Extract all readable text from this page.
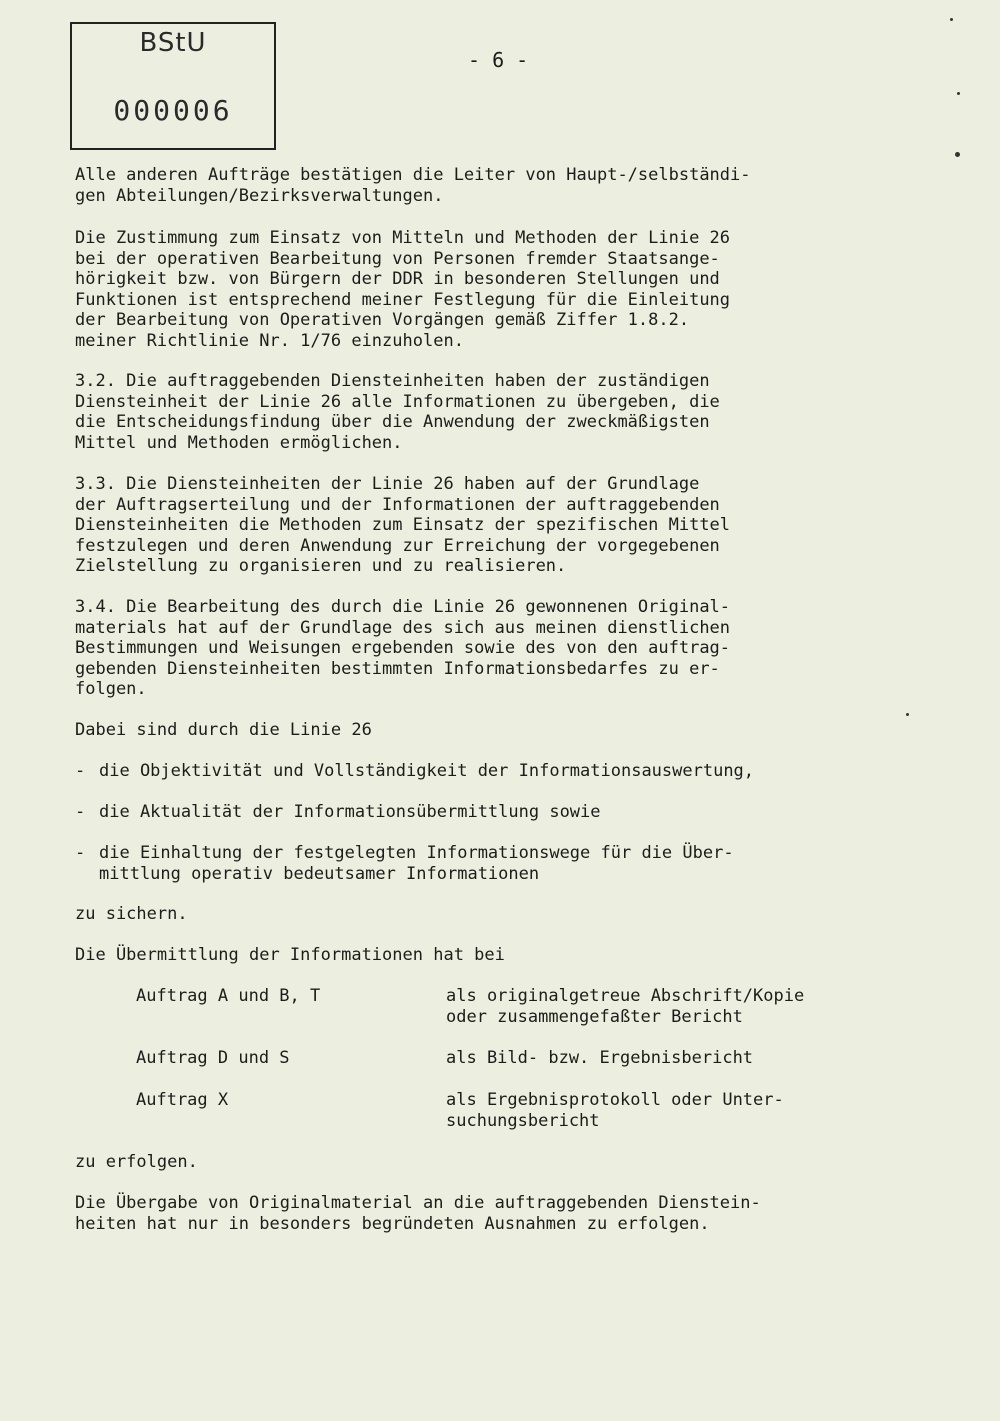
BStU
000006
- 6 -
Alle anderen Aufträge bestätigen die Leiter von Haupt-/selbständi-
gen Abteilungen/Bezirksverwaltungen.
Die Zustimmung zum Einsatz von Mitteln und Methoden der Linie 26
bei der operativen Bearbeitung von Personen fremder Staatsange-
hörigkeit bzw. von Bürgern der DDR in besonderen Stellungen und
Funktionen ist entsprechend meiner Festlegung für die Einleitung
der Bearbeitung von Operativen Vorgängen gemäß Ziffer 1.8.2.
meiner Richtlinie Nr. 1/76 einzuholen.
3.2. Die auftraggebenden Diensteinheiten haben der zuständigen
Diensteinheit der Linie 26 alle Informationen zu übergeben, die
die Entscheidungsfindung über die Anwendung der zweckmäßigsten
Mittel und Methoden ermöglichen.
3.3. Die Diensteinheiten der Linie 26 haben auf der Grundlage
der Auftragserteilung und der Informationen der auftraggebenden
Diensteinheiten die Methoden zum Einsatz der spezifischen Mittel
festzulegen und deren Anwendung zur Erreichung der vorgegebenen
Zielstellung zu organisieren und zu realisieren.
3.4. Die Bearbeitung des durch die Linie 26 gewonnenen Original-
materials hat auf der Grundlage des sich aus meinen dienstlichen
Bestimmungen und Weisungen ergebenden sowie des von den auftrag-
gebenden Diensteinheiten bestimmten Informationsbedarfes zu er-
folgen.
Dabei sind durch die Linie 26
- die Objektivität und Vollständigkeit der Informationsauswertung,
- die Aktualität der Informationsübermittlung sowie
- die Einhaltung der festgelegten Informationswege für die Über-
mittlung operativ bedeutsamer Informationen
zu sichern.
Die Übermittlung der Informationen hat bei
Auftrag A und B, T	als originalgetreue Abschrift/Kopie
oder zusammengefaßter Bericht
Auftrag D und S	als Bild- bzw. Ergebnisbericht
Auftrag X	als Ergebnisprotokoll oder Unter-
suchungsbericht
zu erfolgen.
Die Übergabe von Originalmaterial an die auftraggebenden Dienstein-
heiten hat nur in besonders begründeten Ausnahmen zu erfolgen.
